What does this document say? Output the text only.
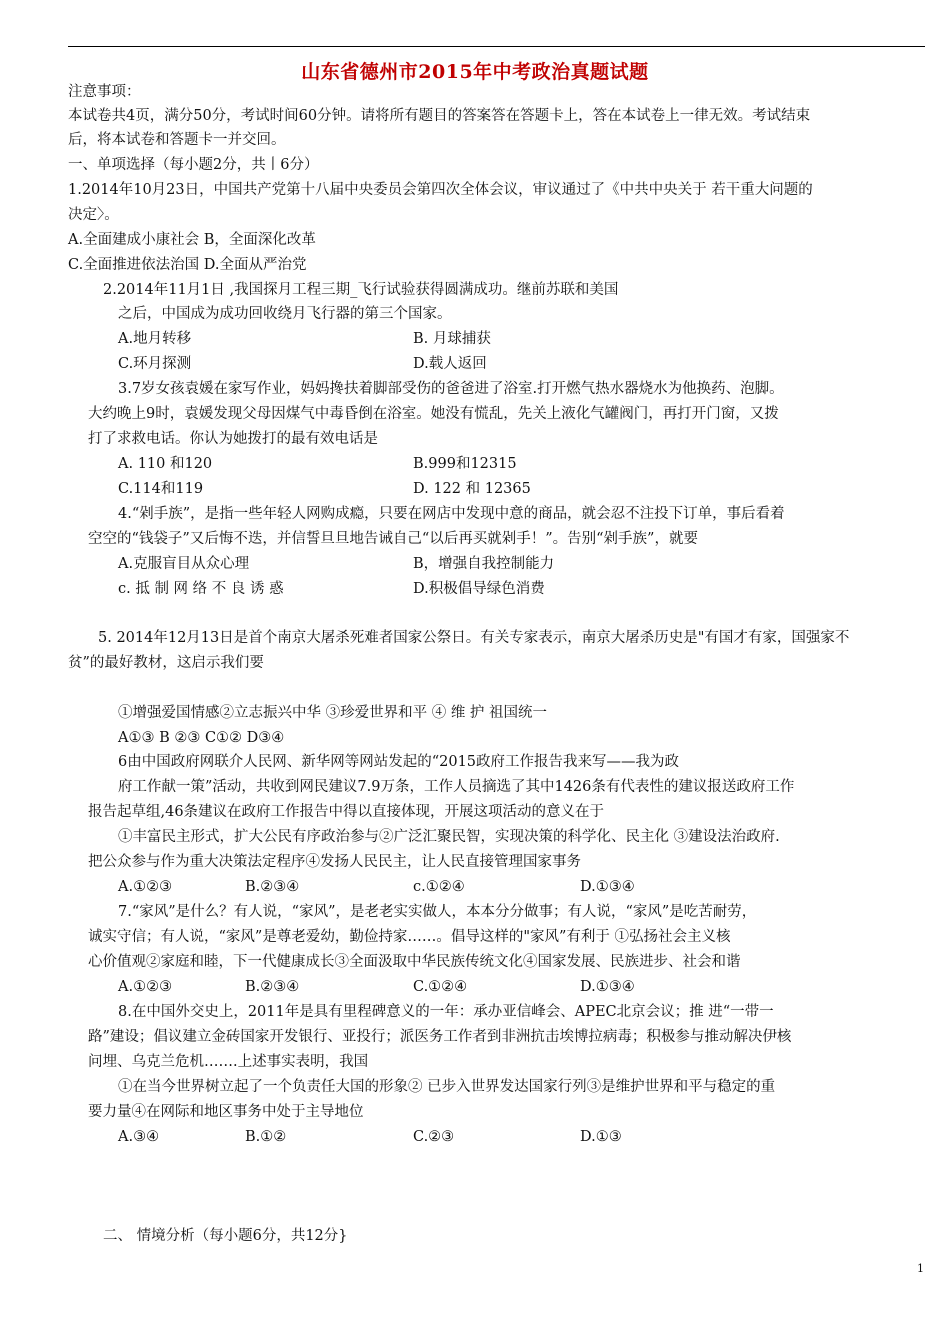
山东省德州市2015年中考政治真题试题
注意事项：
本试卷共4页，满分50分，考试时间60分钟。请将所有题目的答案答在答题卡上，答在本试卷上一律无效。考试结束
后，将本试卷和答题卡一并交回。
一、单项选择（每小题2分，共丨6分）
1.2014年10月23日，中国共产党第十八届中央委员会第四次全体会议，审议通过了《中共中央关于 若干重大问题的
决定〉。
A.全面建成小康社会 B，全面深化改革
C.全面推进依法治国 D.全面从严治党
2.2014年11月1日 ,我国探月工程三期_飞行试验获得圆满成功。继前苏联和美国
之后，中国成为成功回收绕月飞行器的第三个国家。
A.地月转移	B. 月球捕获
C.环月探测	D.载人返回
3.7岁女孩袁媛在家写作业，妈妈搀扶着脚部受伤的爸爸进了浴室.打开燃气热水器烧水为他换药、泡脚。
大约晚上9时，袁媛发现父母因煤气中毒昏倒在浴室。她没有慌乱，先关上液化气罐阀门，再打开门窗，又拨
打了求救电话。你认为她拨打的最有效电话是
A. 110 和120	B.999和12315
C.114和119	D. 122 和 12365
4.“剁手族”，是指一些年轻人网购成瘾，只要在网店中发现中意的商品，就会忍不注投下订单，事后看着
空空的“钱袋子”又后悔不迭，并信誓旦旦地告诫自己“以后再买就剁手！”。告别“剁手族”，就要
A.克服盲目从众心理	B，增强自我控制能力
c. 抵 制 网 络 不 良 诱 惑	D.积极倡导绿色消费
5. 2014年12月13日是首个南京大屠杀死难者国家公祭日。有关专家表示，南京大屠杀历史是"有国才有家，国强家不
贫”的最好教材，这启示我们要
①增强爱国情感②立志振兴中华 ③珍爱世界和平 ④ 维 护 祖国统一
A①③ B ②③ C①② D③④
6由中国政府网联介人民网、新华网等网站发起的“2015政府工作报告我来写——我为政
府工作献一策”活动，共收到网民建议7.9万条，工作人员摘选了其中1426条有代表性的建议报送政府工作
报告起草组,46条建议在政府工作报告中得以直接体现，开展这项活动的意义在于
①丰富民主形式，扩大公民有序政治参与②广泛汇聚民智，实现决策的科学化、民主化 ③建设法治政府.
把公众参与作为重大决策法定程序④发扬人民民主，让人民直接管理国家事务
A.①②③	B.②③④	c.①②④	D.①③④
7.“家风”是什么？有人说，“家风”，是老老实实做人，本本分分做事；有人说，“家风”是吃苦耐劳，
诚实守信；有人说，“家风”是尊老爱幼，勤俭持家……。倡导这样的"家风”有利于 ①弘扬社会主义核
心价值观②家庭和睦，下一代健康成长③全面汲取中华民族传统文化④国家发展、民族进步、社会和谐
A.①②③	B.②③④	C.①②④	D.①③④
8.在中国外交史上，2011年是具有里程碑意义的一年：承办亚信峰会、APEC北京会议；推 进“一带一
路”建设；倡议建立金砖国家开发银行、亚投行；派医务工作者到非洲抗击埃博拉病毒；积极参与推动解决伊核
问埋、乌克兰危机…….上述事实表明，我国
①在当今世界树立起了一个负责任大国的形象② 已步入世界发达国家行列③是维护世界和平与稳定的重
要力量④在网际和地区事务中处于主导地位
A.③④	B.①②	C.②③	D.①③
二、 情境分析（每小题6分，共12分}
1
